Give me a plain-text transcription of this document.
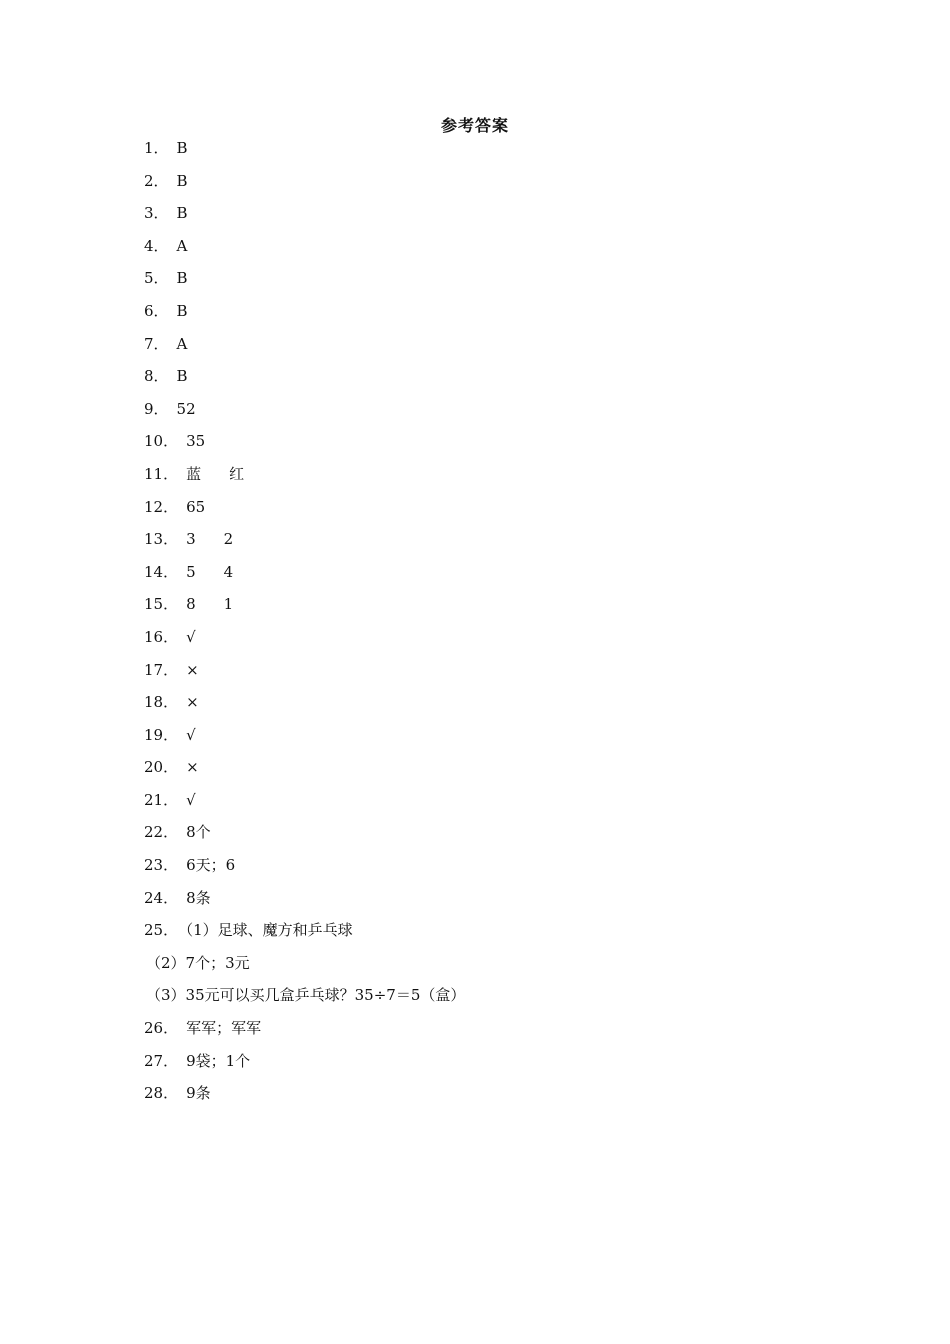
参考答案
1． B
2． B
3． B
4． A
5． B
6． B
7． A
8． B
9． 52
10． 35
11． 蓝 红
12． 65
13． 3 2
14． 5 4
15． 8 1
16． √
17． ×
18． ×
19． √
20． ×
21． √
22． 8个
23． 6天；6
24． 8条
25．（1）足球、魔方和乒乓球
（2）7个；3元
（3）35元可以买几盒乒乓球？35÷7＝5（盒）
26． 军军；军军
27． 9袋；1个
28． 9条
